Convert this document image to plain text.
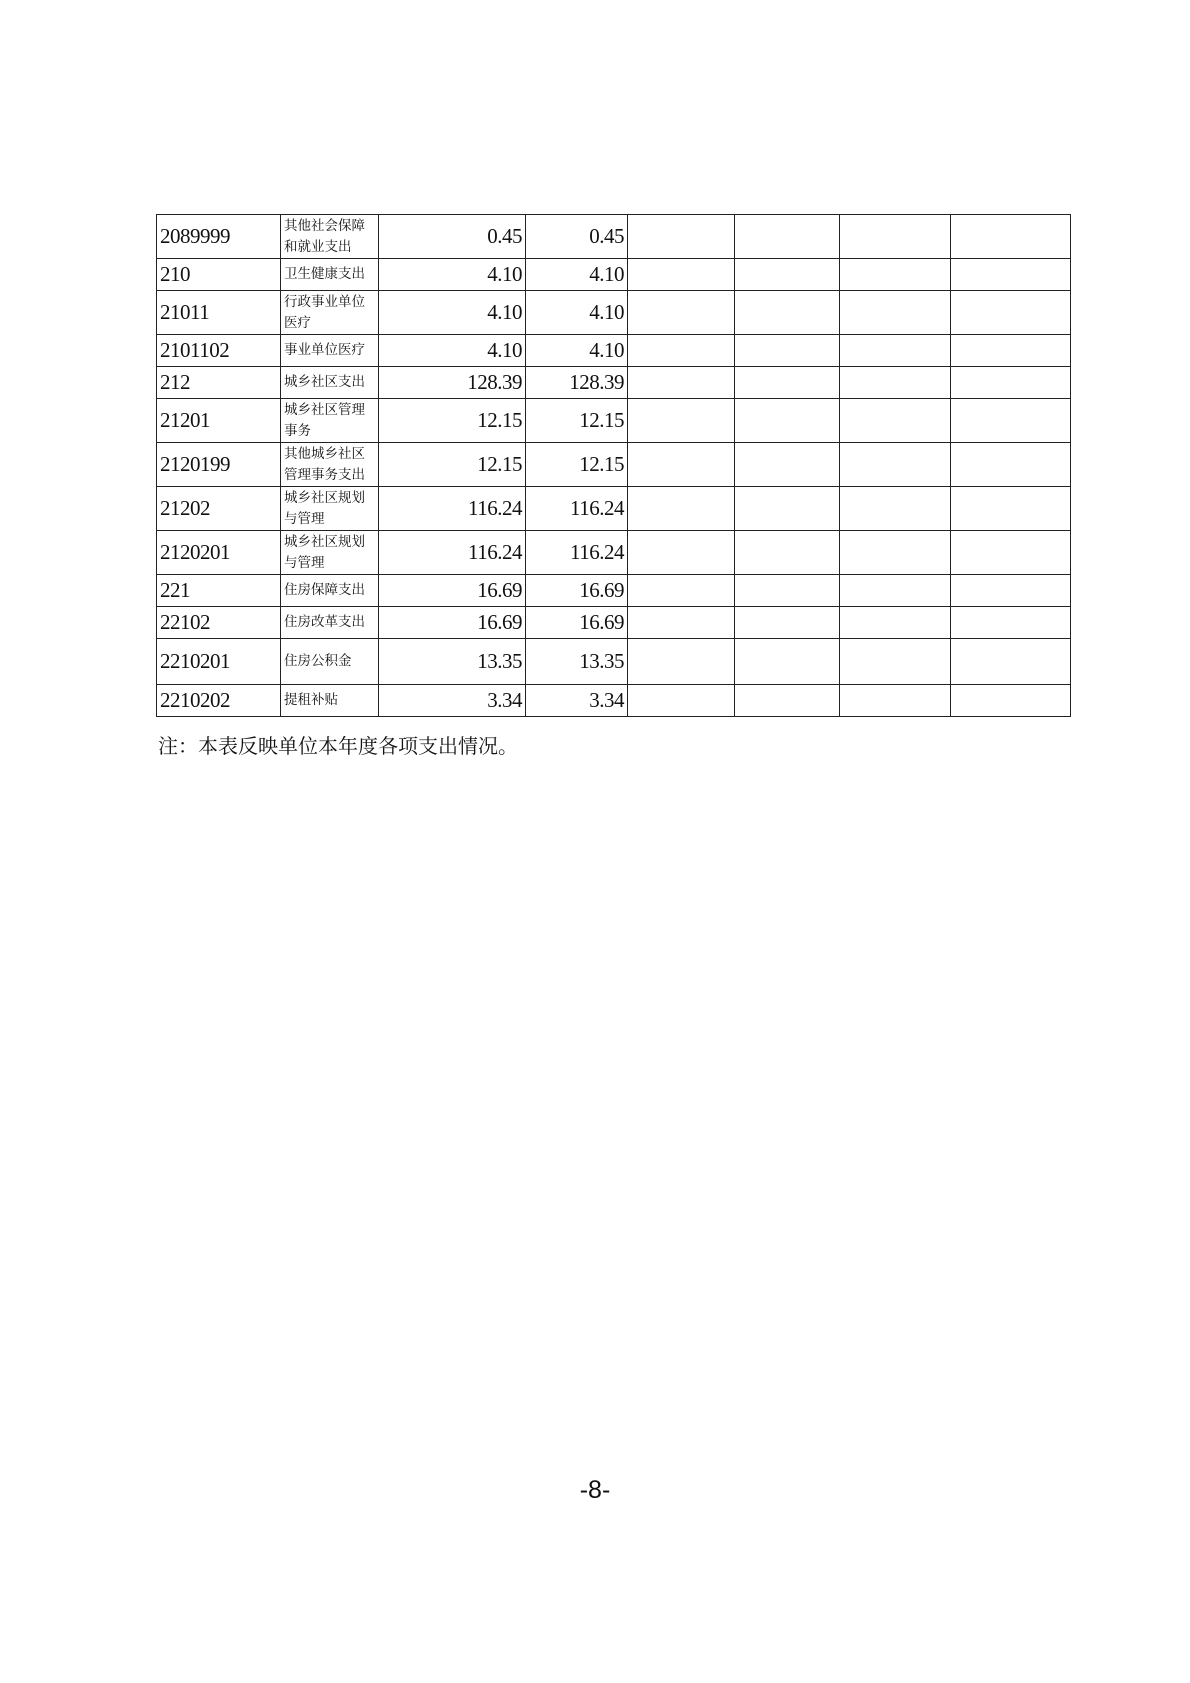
2089999	其他社会保障和就业支出	0.45	0.45				
210	卫生健康支出	4.10	4.10				
21011	行政事业单位医疗	4.10	4.10				
2101102	事业单位医疗	4.10	4.10				
212	城乡社区支出	128.39	128.39				
21201	城乡社区管理事务	12.15	12.15				
2120199	其他城乡社区管理事务支出	12.15	12.15				
21202	城乡社区规划与管理	116.24	116.24				
2120201	城乡社区规划与管理	116.24	116.24				
221	住房保障支出	16.69	16.69				
22102	住房改革支出	16.69	16.69				
2210201	住房公积金	13.35	13.35				
2210202	提租补贴	3.34	3.34				
注：本表反映单位本年度各项支出情况。
-8-
